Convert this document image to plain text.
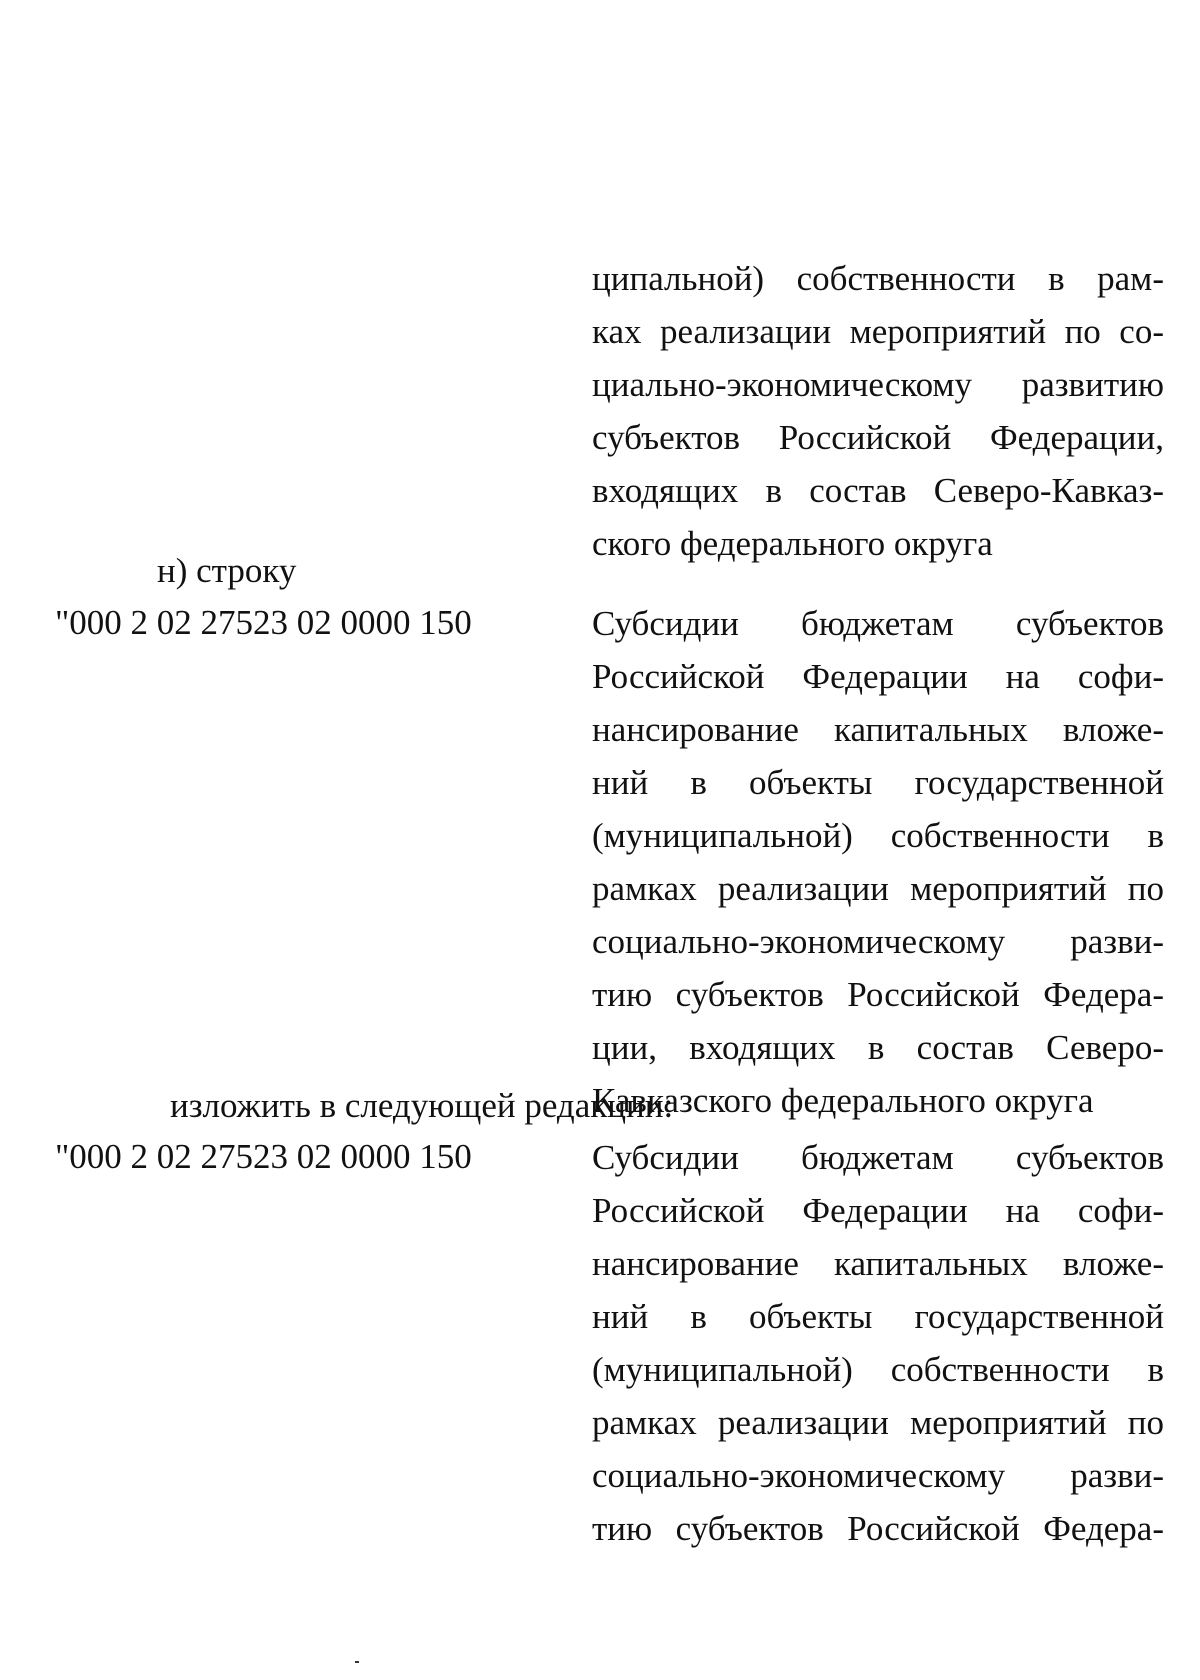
ципальной) собственности в рам-
ках реализации мероприятий по со-
циально-экономическому развитию
субъектов Российской Федерации,
входящих в состав Северо-Кавказ-
ского федерального округа
н) строку
"000 2 02 27523 02 0000 150	Субсидии бюджетам субъектов
Российской Федерации на софи-
нансирование капитальных вложе-
ний в объекты государственной
(муниципальной) собственности в
рамках реализации мероприятий по
социально-экономическому разви-
тию субъектов Российской Федера-
ции, входящих в состав Северо-
Кавказского федерального округа
изложить в следующей редакции:
"000 2 02 27523 02 0000 150	Субсидии бюджетам субъектов
Российской Федерации на софи-
нансирование капитальных вложе-
ний в объекты государственной
(муниципальной) собственности в
рамках реализации мероприятий по
социально-экономическому разви-
тию субъектов Российской Федера-
